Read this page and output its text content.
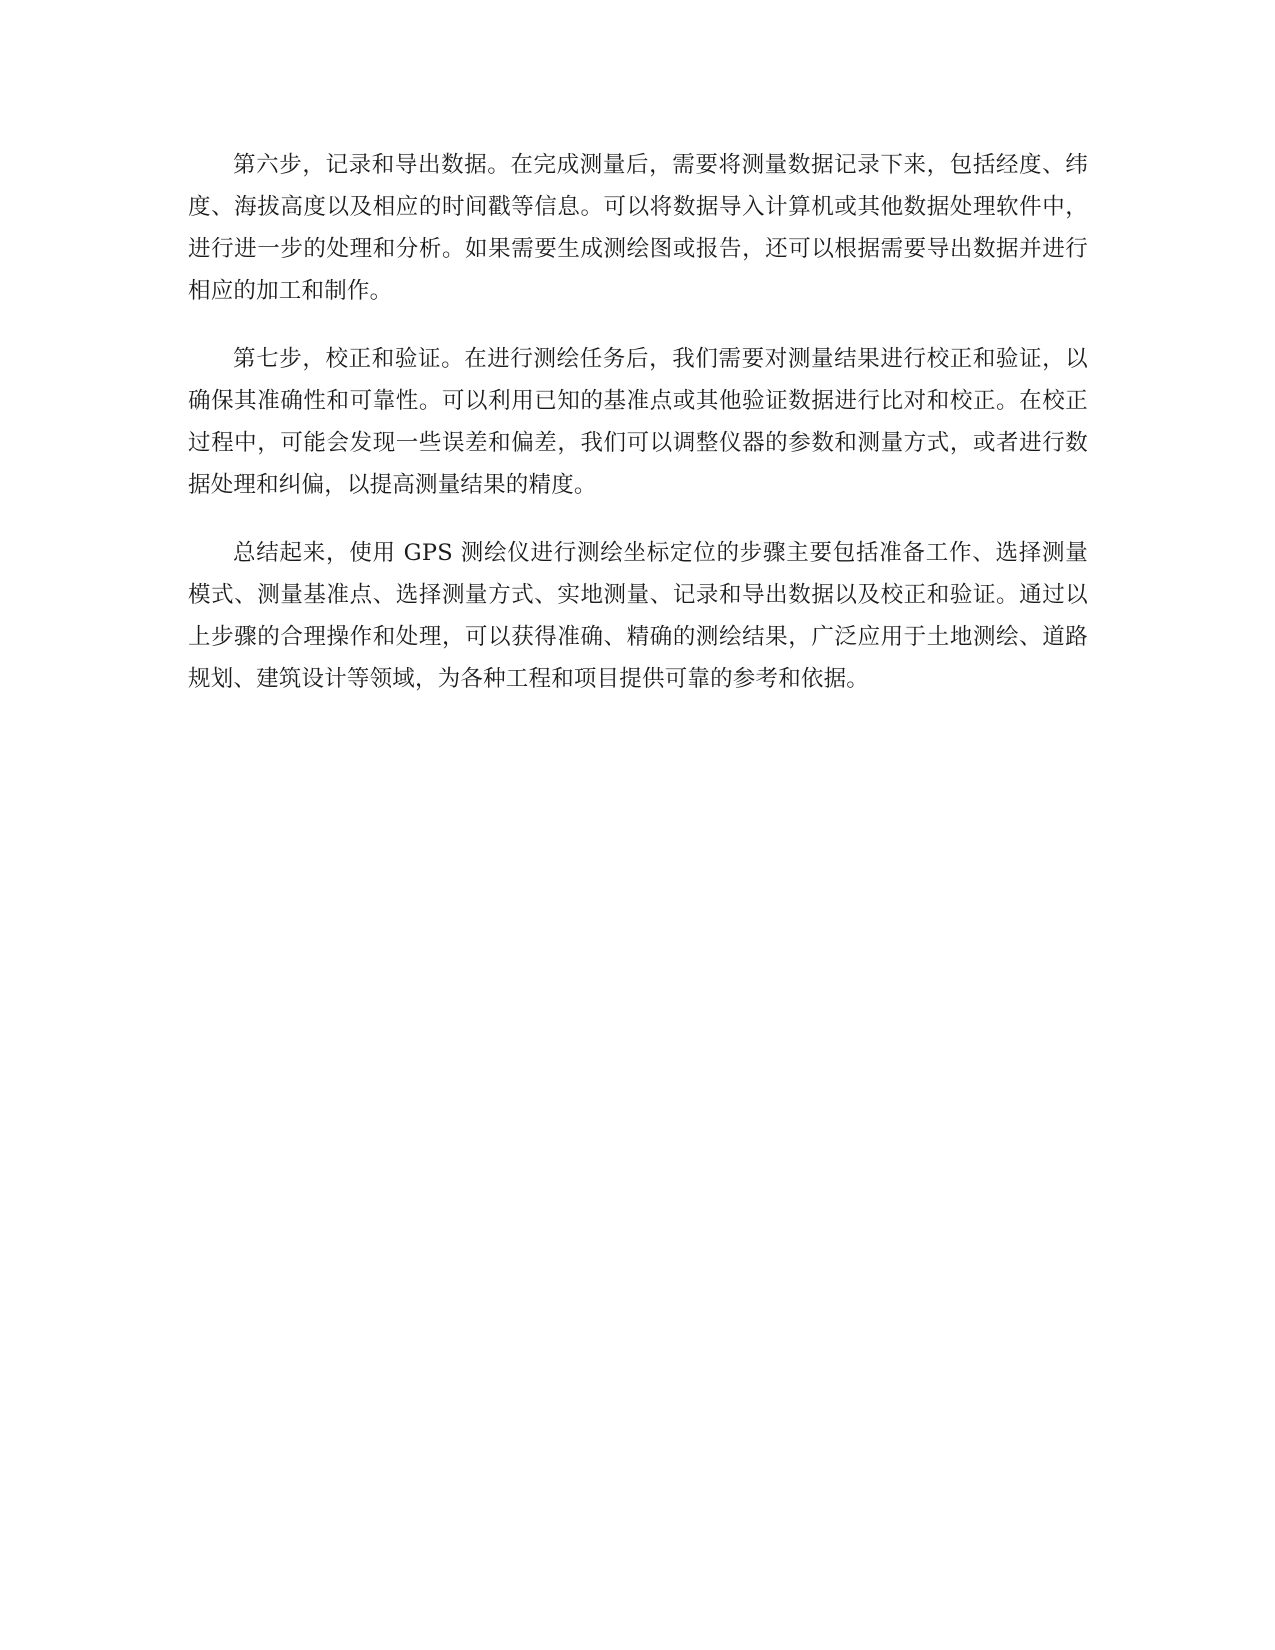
第六步，记录和导出数据。在完成测量后，需要将测量数据记录下来，包括经度、纬度、海拔高度以及相应的时间戳等信息。可以将数据导入计算机或其他数据处理软件中，进行进一步的处理和分析。如果需要生成测绘图或报告，还可以根据需要导出数据并进行相应的加工和制作。

第七步，校正和验证。在进行测绘任务后，我们需要对测量结果进行校正和验证，以确保其准确性和可靠性。可以利用已知的基准点或其他验证数据进行比对和校正。在校正过程中，可能会发现一些误差和偏差，我们可以调整仪器的参数和测量方式，或者进行数据处理和纠偏，以提高测量结果的精度。

总结起来，使用 GPS 测绘仪进行测绘坐标定位的步骤主要包括准备工作、选择测量模式、测量基准点、选择测量方式、实地测量、记录和导出数据以及校正和验证。通过以上步骤的合理操作和处理，可以获得准确、精确的测绘结果，广泛应用于土地测绘、道路规划、建筑设计等领域，为各种工程和项目提供可靠的参考和依据。
